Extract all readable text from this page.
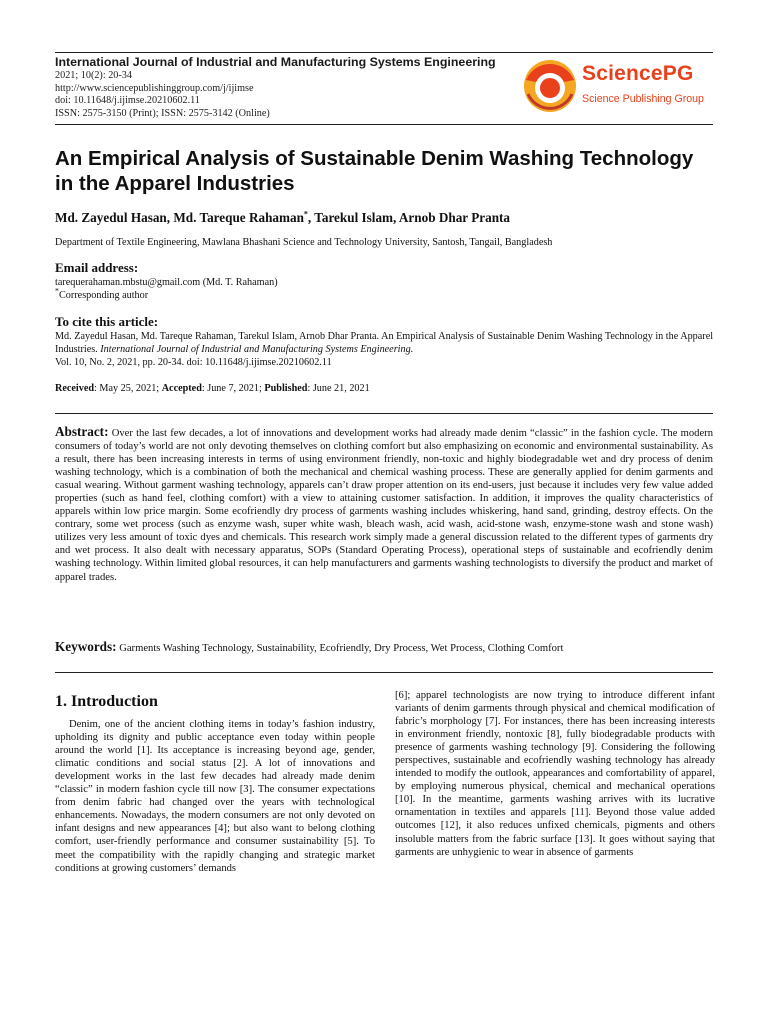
International Journal of Industrial and Manufacturing Systems Engineering
2021; 10(2): 20-34
http://www.sciencepublishinggroup.com/j/ijimse
doi: 10.11648/j.ijimse.20210602.11
ISSN: 2575-3150 (Print); ISSN: 2575-3142 (Online)
SciencePG
Science Publishing Group
An Empirical Analysis of Sustainable Denim Washing Technology in the Apparel Industries
Md. Zayedul Hasan, Md. Tareque Rahaman*, Tarekul Islam, Arnob Dhar Pranta
Department of Textile Engineering, Mawlana Bhashani Science and Technology University, Santosh, Tangail, Bangladesh
Email address:
tarequerahaman.mbstu@gmail.com (Md. T. Rahaman)
*Corresponding author
To cite this article:
Md. Zayedul Hasan, Md. Tareque Rahaman, Tarekul Islam, Arnob Dhar Pranta. An Empirical Analysis of Sustainable Denim Washing Technology in the Apparel Industries. International Journal of Industrial and Manufacturing Systems Engineering.
Vol. 10, No. 2, 2021, pp. 20-34. doi: 10.11648/j.ijimse.20210602.11
Received: May 25, 2021; Accepted: June 7, 2021; Published: June 21, 2021

Abstract: Over the last few decades, a lot of innovations and development works had already made denim “classic” in the fashion cycle. The modern consumers of today’s world are not only devoting themselves on clothing comfort but also emphasizing on economic and environmental sustainability. As a result, there has been increasing interests in terms of using environment friendly, non-toxic and highly biodegradable wet and dry process of denim washing technology, which is a combination of both the mechanical and chemical washing process. These are generally applied for denim garments and casual wearing. Without garment washing technology, apparels can’t draw proper attention on its end-users, just because it includes very few value added properties (such as hand feel, clothing comfort) with a view to attaining customer satisfaction. In addition, it improves the quality characteristics of apparels within low price margin. Some ecofriendly dry process of garments washing includes whiskering, hand sand, grinding, destroy effects. On the contrary, some wet process (such as enzyme wash, super white wash, bleach wash, acid wash, acid-stone wash, enzyme-stone wash and stone wash) utilizes very less amount of toxic dyes and chemicals. This research work simply made a general discussion related to the different types of garments dry and wet process. It also dealt with necessary apparatus, SOPs (Standard Operating Process), operational steps of sustainable and ecofriendly denim washing technology. Within limited global resources, it can help manufacturers and garments washing technologists to diversify the product and market of apparel trades.

Keywords: Garments Washing Technology, Sustainability, Ecofriendly, Dry Process, Wet Process, Clothing Comfort
1. Introduction

Denim, one of the ancient clothing items in today’s fashion industry, upholding its dignity and public acceptance even today within people around the world [1]. Its acceptance is increasing beyond age, gender, climatic conditions and social status [2]. A lot of innovations and development works in the last few decades had already made denim “classic” in modern fashion cycle till now [3]. The consumer expectations from denim fabric had changed over the years with technological enhancements. Nowadays, the modern consumers are not only devoted on infant designs and new appearances [4]; but also want to belong clothing comfort, user-friendly performance and consumer sustainability [5]. To meet the compatibility with the rapidly changing and strategic market conditions at growing customers’ demands

[6]; apparel technologists are now trying to introduce different infant variants of denim garments through physical and chemical modification of fabric’s morphology [7]. For instances, there has been increasing interests in environment friendly, nontoxic [8], fully biodegradable products with presence of garments washing technology [9]. Considering the following perspectives, sustainable and ecofriendly washing technology has already intended to modify the outlook, appearances and comfortability of apparel, by employing numerous physical, chemical and mechanical operations [10]. In the meantime, garments washing arrives with its lucrative ornamentation in textiles and apparels [11]. Beyond those value added outcomes [12], it also reduces unfixed chemicals, pigments and others insoluble matters from the fabric surface [13]. It goes without saying that garments are unhygienic to wear in absence of garments
